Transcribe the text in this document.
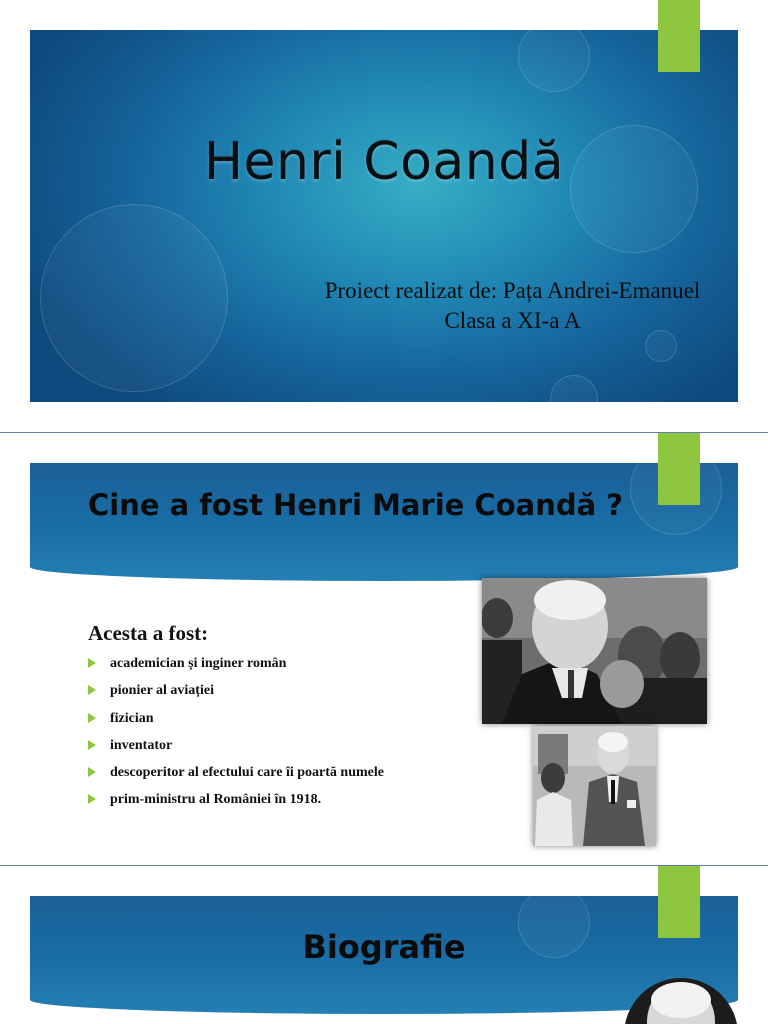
Henri Coandă
Proiect realizat de: Pața Andrei-Emanuel
Clasa a XI-a A
Cine a fost Henri Marie Coandă ?
Acesta a fost:
academician și inginer român
pionier al aviației
fizician
inventator
descoperitor al efectului care îi poartă numele
prim-ministru al României în 1918.
Biografie
